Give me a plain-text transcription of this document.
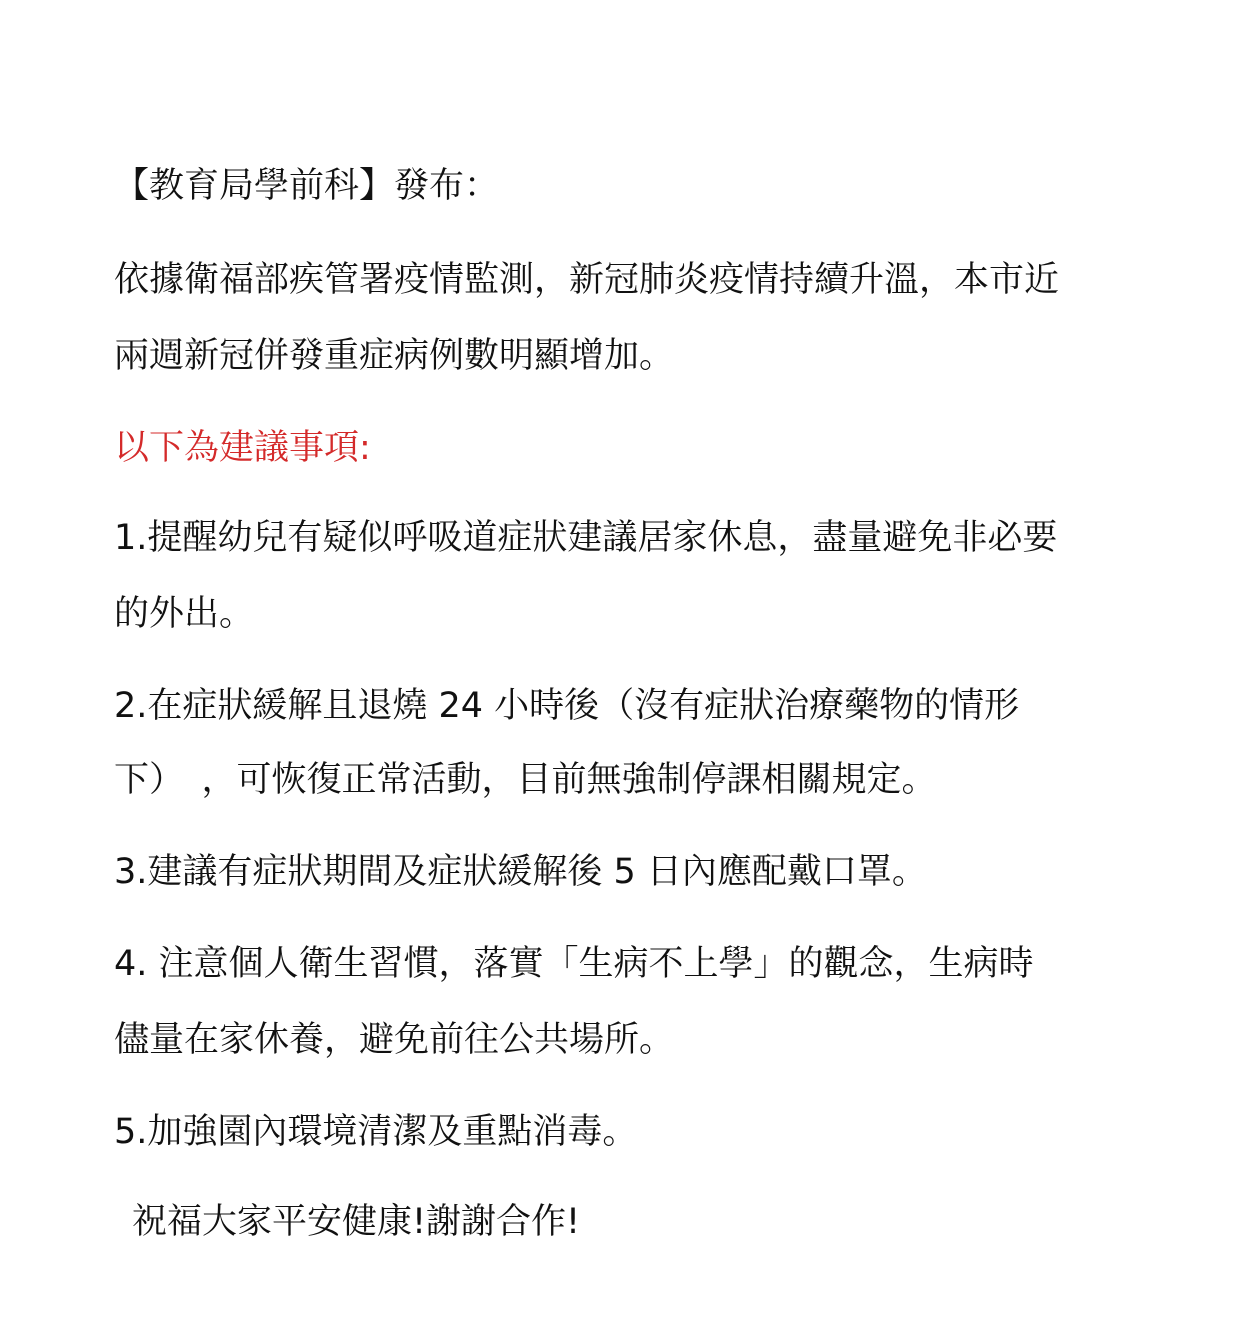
【教育局學前科】發布：
依據衛福部疾管署疫情監測，新冠肺炎疫情持續升溫，本市近
兩週新冠併發重症病例數明顯增加。
以下為建議事項:
1.提醒幼兒有疑似呼吸道症狀建議居家休息，盡量避免非必要
的外出。
2.在症狀緩解且退燒 24 小時後（沒有症狀治療藥物的情形
下）　，可恢復正常活動，目前無強制停課相關規定。
3.建議有症狀期間及症狀緩解後 5 日內應配戴口罩。
4. 注意個人衛生習慣，落實「生病不上學」的觀念，生病時
儘量在家休養，避免前往公共場所。
5.加強園內環境清潔及重點消毒。
祝福大家平安健康!謝謝合作!
